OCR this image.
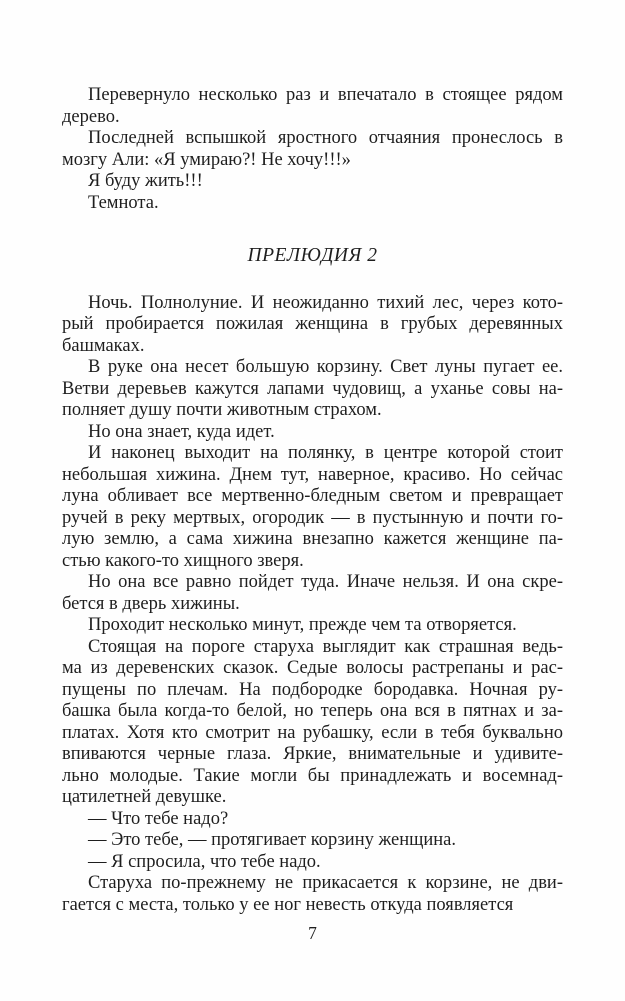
Перевернуло несколько раз и впечатало в стоящее рядом
дерево.
Последней вспышкой яростного отчаяния пронеслось в
мозгу Али: «Я умираю?! Не хочу!!!»
Я буду жить!!!
Темнота.
ПРЕЛЮДИЯ 2
Ночь. Полнолуние. И неожиданно тихий лес, через кото-
рый пробирается пожилая женщина в грубых деревянных
башмаках.
В руке она несет большую корзину. Свет луны пугает ее.
Ветви деревьев кажутся лапами чудовищ, а уханье совы на-
полняет душу почти животным страхом.
Но она знает, куда идет.
И наконец выходит на полянку, в центре которой стоит
небольшая хижина. Днем тут, наверное, красиво. Но сейчас
луна обливает все мертвенно-бледным светом и превращает
ручей в реку мертвых, огородик — в пустынную и почти го-
лую землю, а сама хижина внезапно кажется женщине па-
стью какого-то хищного зверя.
Но она все равно пойдет туда. Иначе нельзя. И она скре-
бется в дверь хижины.
Проходит несколько минут, прежде чем та отворяется.
Стоящая на пороге старуха выглядит как страшная ведь-
ма из деревенских сказок. Седые волосы растрепаны и рас-
пущены по плечам. На подбородке бородавка. Ночная ру-
башка была когда-то белой, но теперь она вся в пятнах и за-
платах. Хотя кто смотрит на рубашку, если в тебя буквально
впиваются черные глаза. Яркие, внимательные и удивите-
льно молодые. Такие могли бы принадлежать и восемнад-
цатилетней девушке.
— Что тебе надо?
— Это тебе, — протягивает корзину женщина.
— Я спросила, что тебе надо.
Старуха по-прежнему не прикасается к корзине, не дви-
гается с места, только у ее ног невесть откуда появляется
7
